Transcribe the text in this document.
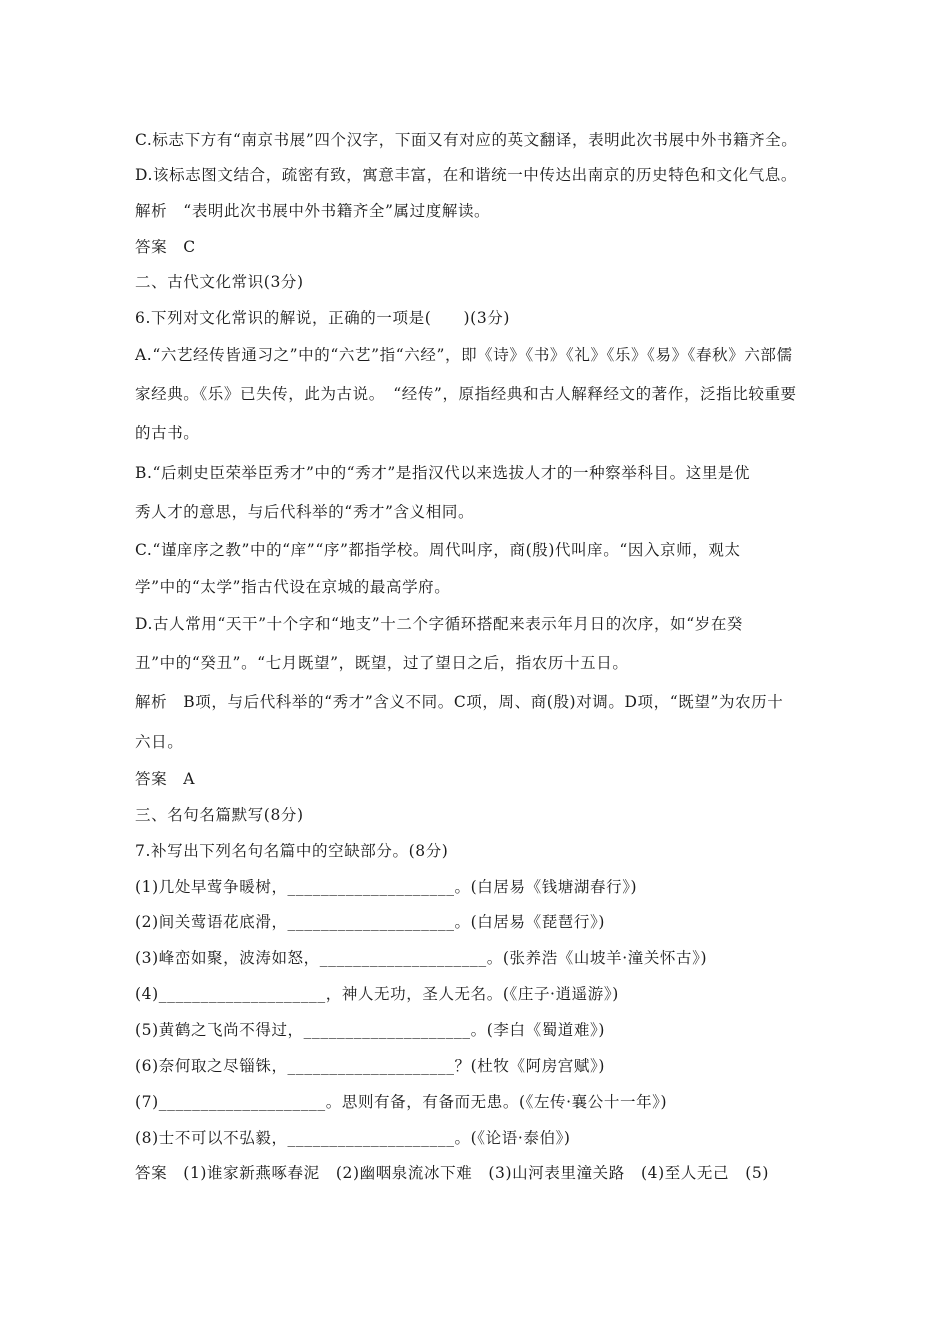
C.标志下方有“南京书展”四个汉字，下面又有对应的英文翻译，表明此次书展中外书籍齐全。
D.该标志图文结合，疏密有致，寓意丰富，在和谐统一中传达出南京的历史特色和文化气息。
解析　“表明此次书展中外书籍齐全”属过度解读。
答案　C
二、古代文化常识(3分)
6.下列对文化常识的解说，正确的一项是(　　)(3分)
A.“六艺经传皆通习之”中的“六艺”指“六经”，即《诗》《书》《礼》《乐》《易》《春秋》六部儒
家经典。《乐》已失传，此为古说。　“经传”，原指经典和古人解释经文的著作，泛指比较重要
的古书。
B.“后刺史臣荣举臣秀才”中的“秀才”是指汉代以来选拔人才的一种察举科目。这里是优
秀人才的意思，与后代科举的“秀才”含义相同。
C.“谨庠序之教”中的“庠”“序”都指学校。周代叫序，商(殷)代叫庠。“因入京师，观太
学”中的“太学”指古代设在京城的最高学府。
D.古人常用“天干”十个字和“地支”十二个字循环搭配来表示年月日的次序，如“岁在癸
丑”中的“癸丑”。“七月既望”，既望，过了望日之后，指农历十五日。
解析　B项，与后代科举的“秀才”含义不同。C项，周、商(殷)对调。D项，“既望”为农历十
六日。
答案　A
三、名句名篇默写(8分)
7.补写出下列名句名篇中的空缺部分。(8分)
(1)几处早莺争暖树，____________________。(白居易《钱塘湖春行》)
(2)间关莺语花底滑，____________________。(白居易《琵琶行》)
(3)峰峦如聚，波涛如怒，____________________。(张养浩《山坡羊·潼关怀古》)
(4)____________________，神人无功，圣人无名。(《庄子·逍遥游》)
(5)黄鹤之飞尚不得过，____________________。(李白《蜀道难》)
(6)奈何取之尽锱铢，____________________？(杜牧《阿房宫赋》)
(7)____________________。思则有备，有备而无患。(《左传·襄公十一年》)
(8)士不可以不弘毅，____________________。(《论语·泰伯》)
答案　(1)谁家新燕啄春泥　(2)幽咽泉流冰下难　(3)山河表里潼关路　(4)至人无己　(5)
